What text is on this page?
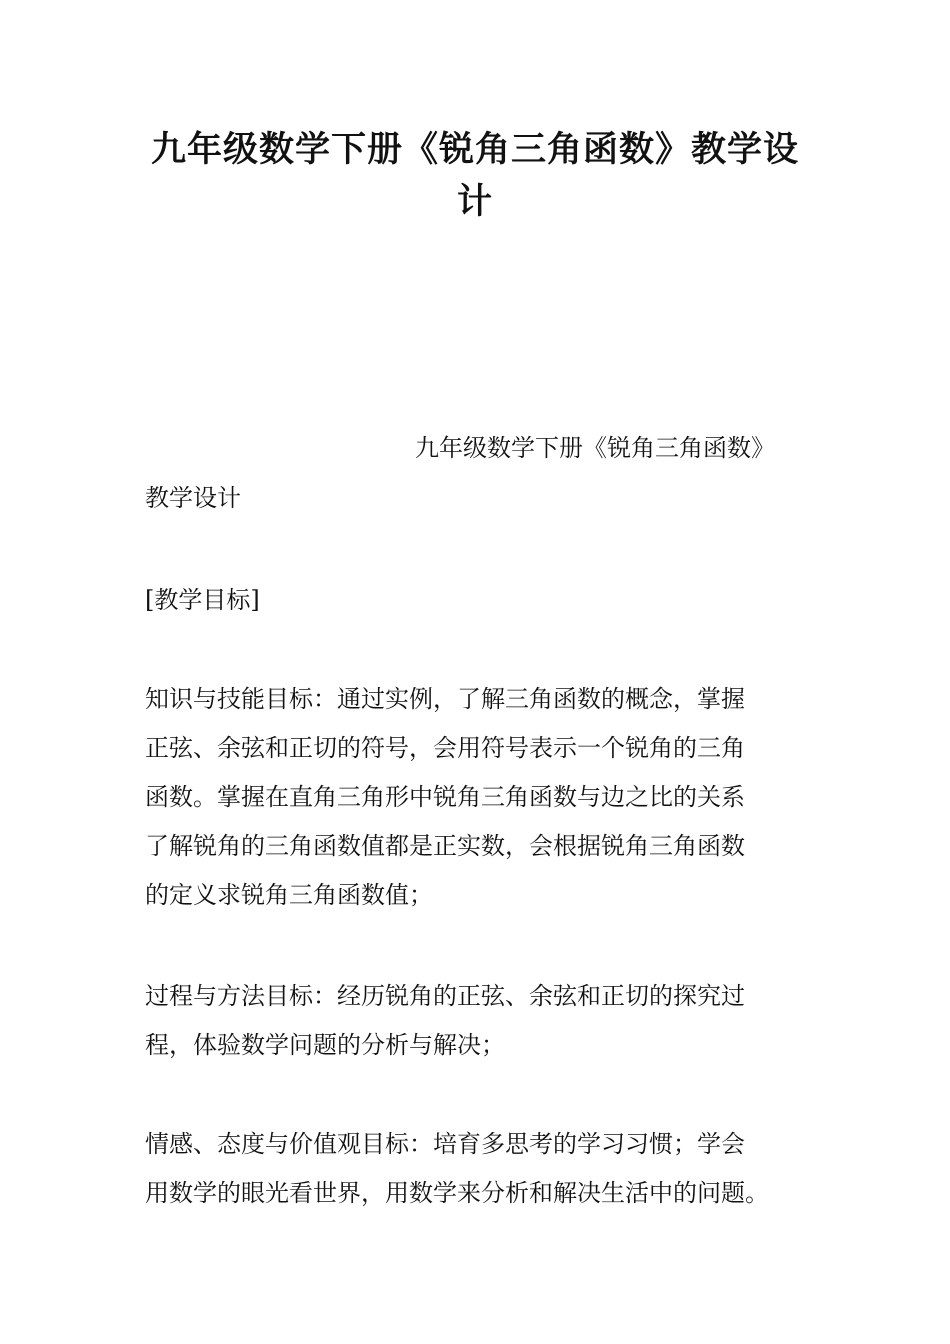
九年级数学下册《锐角三角函数》教学设
计

九年级数学下册《锐角三角函数》

教学设计

[教学目标]

知识与技能目标：通过实例，了解三角函数的概念，掌握
正弦、余弦和正切的符号，会用符号表示一个锐角的三角
函数。掌握在直角三角形中锐角三角函数与边之比的关系
了解锐角的三角函数值都是正实数，会根据锐角三角函数
的定义求锐角三角函数值；

过程与方法目标：经历锐角的正弦、余弦和正切的探究过
程，体验数学问题的分析与解决；

情感、态度与价值观目标：培育多思考的学习习惯；学会
用数学的眼光看世界，用数学来分析和解决生活中的问题。
